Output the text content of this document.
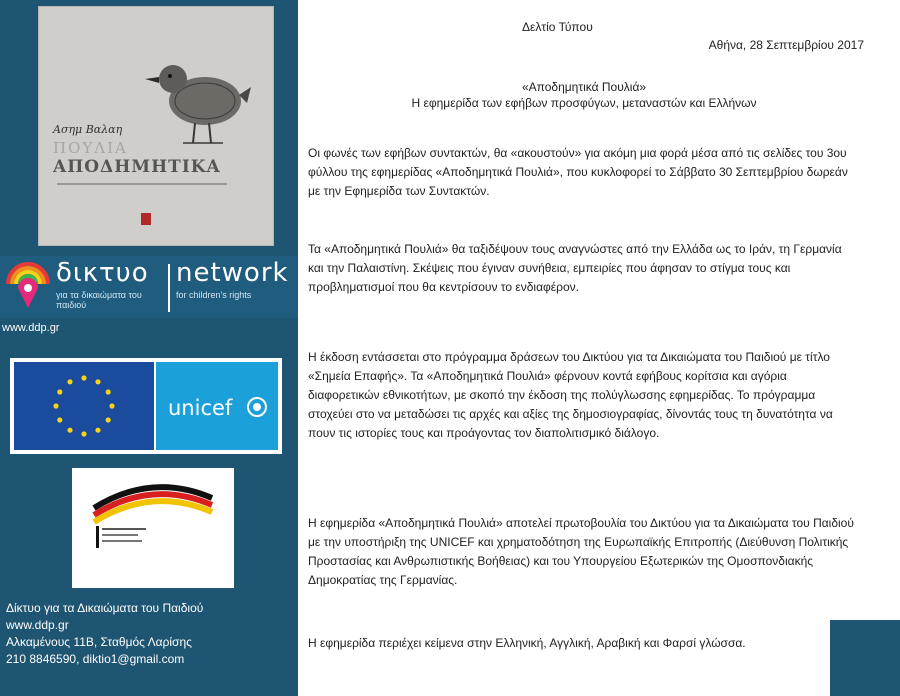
Ασημ Βαλαη
ΠΟΥΛΙΑ
ΑΠΟΔΗΜΗΤΙΚΑ
δικτυο
για τα δικαιώματα του παιδιού
network
for children's rights
www.ddp.gr
unicef
Δίκτυο για τα Δικαιώματα του Παιδιού
www.ddp.gr
Αλκαμένους 11Β, Σταθμός Λαρίσης
210 8846590, diktio1@gmail.com
Δελτίο Τύπου
Αθήνα, 28 Σεπτεμβρίου 2017
«Αποδημητικά Πουλιά»
Η εφημερίδα των εφήβων προσφύγων, μεταναστών και Ελλήνων

Οι φωνές των εφήβων συντακτών, θα «ακουστούν» για ακόμη μια φορά μέσα από τις σελίδες του 3ου φύλλου της εφημερίδας «Αποδημητικά Πουλιά», που κυκλοφορεί το Σάββατο 30 Σεπτεμβρίου δωρεάν με την Εφημερίδα των Συντακτών.

Τα «Αποδημητικά Πουλιά» θα ταξιδέψουν τους αναγνώστες από την Ελλάδα ως το Ιράν, τη Γερμανία και την Παλαιστίνη. Σκέψεις που έγιναν συνήθεια, εμπειρίες που άφησαν το στίγμα τους και προβληματισμοί που θα κεντρίσουν το ενδιαφέρον.

Η έκδοση εντάσσεται στο πρόγραμμα δράσεων του Δικτύου για τα Δικαιώματα του Παιδιού με τίτλο «Σημεία Επαφής». Τα «Αποδημητικά Πουλιά» φέρνουν κοντά εφήβους κορίτσια και αγόρια διαφορετικών εθνικοτήτων, με σκοπό την έκδοση της πολύγλωσσης εφημερίδας. Το πρόγραμμα στοχεύει στο να μεταδώσει τις αρχές και αξίες της δημοσιογραφίας, δίνοντάς τους τη δυνατότητα να πουν τις ιστορίες τους και προάγοντας τον διαπολιτισμικό διάλογο.

Η εφημερίδα «Αποδημητικά Πουλιά» αποτελεί πρωτοβουλία του Δικτύου για τα Δικαιώματα του Παιδιού με την υποστήριξη της UNICEF και χρηματοδότηση της Ευρωπαϊκής Επιτροπής (Διεύθυνση Πολιτικής Προστασίας και Ανθρωπιστικής Βοήθειας) και του Υπουργείου Εξωτερικών της Ομοσπονδιακής Δημοκρατίας της Γερμανίας.

Η εφημερίδα περιέχει κείμενα στην Ελληνική, Αγγλική, Αραβική και Φαρσί γλώσσα.
